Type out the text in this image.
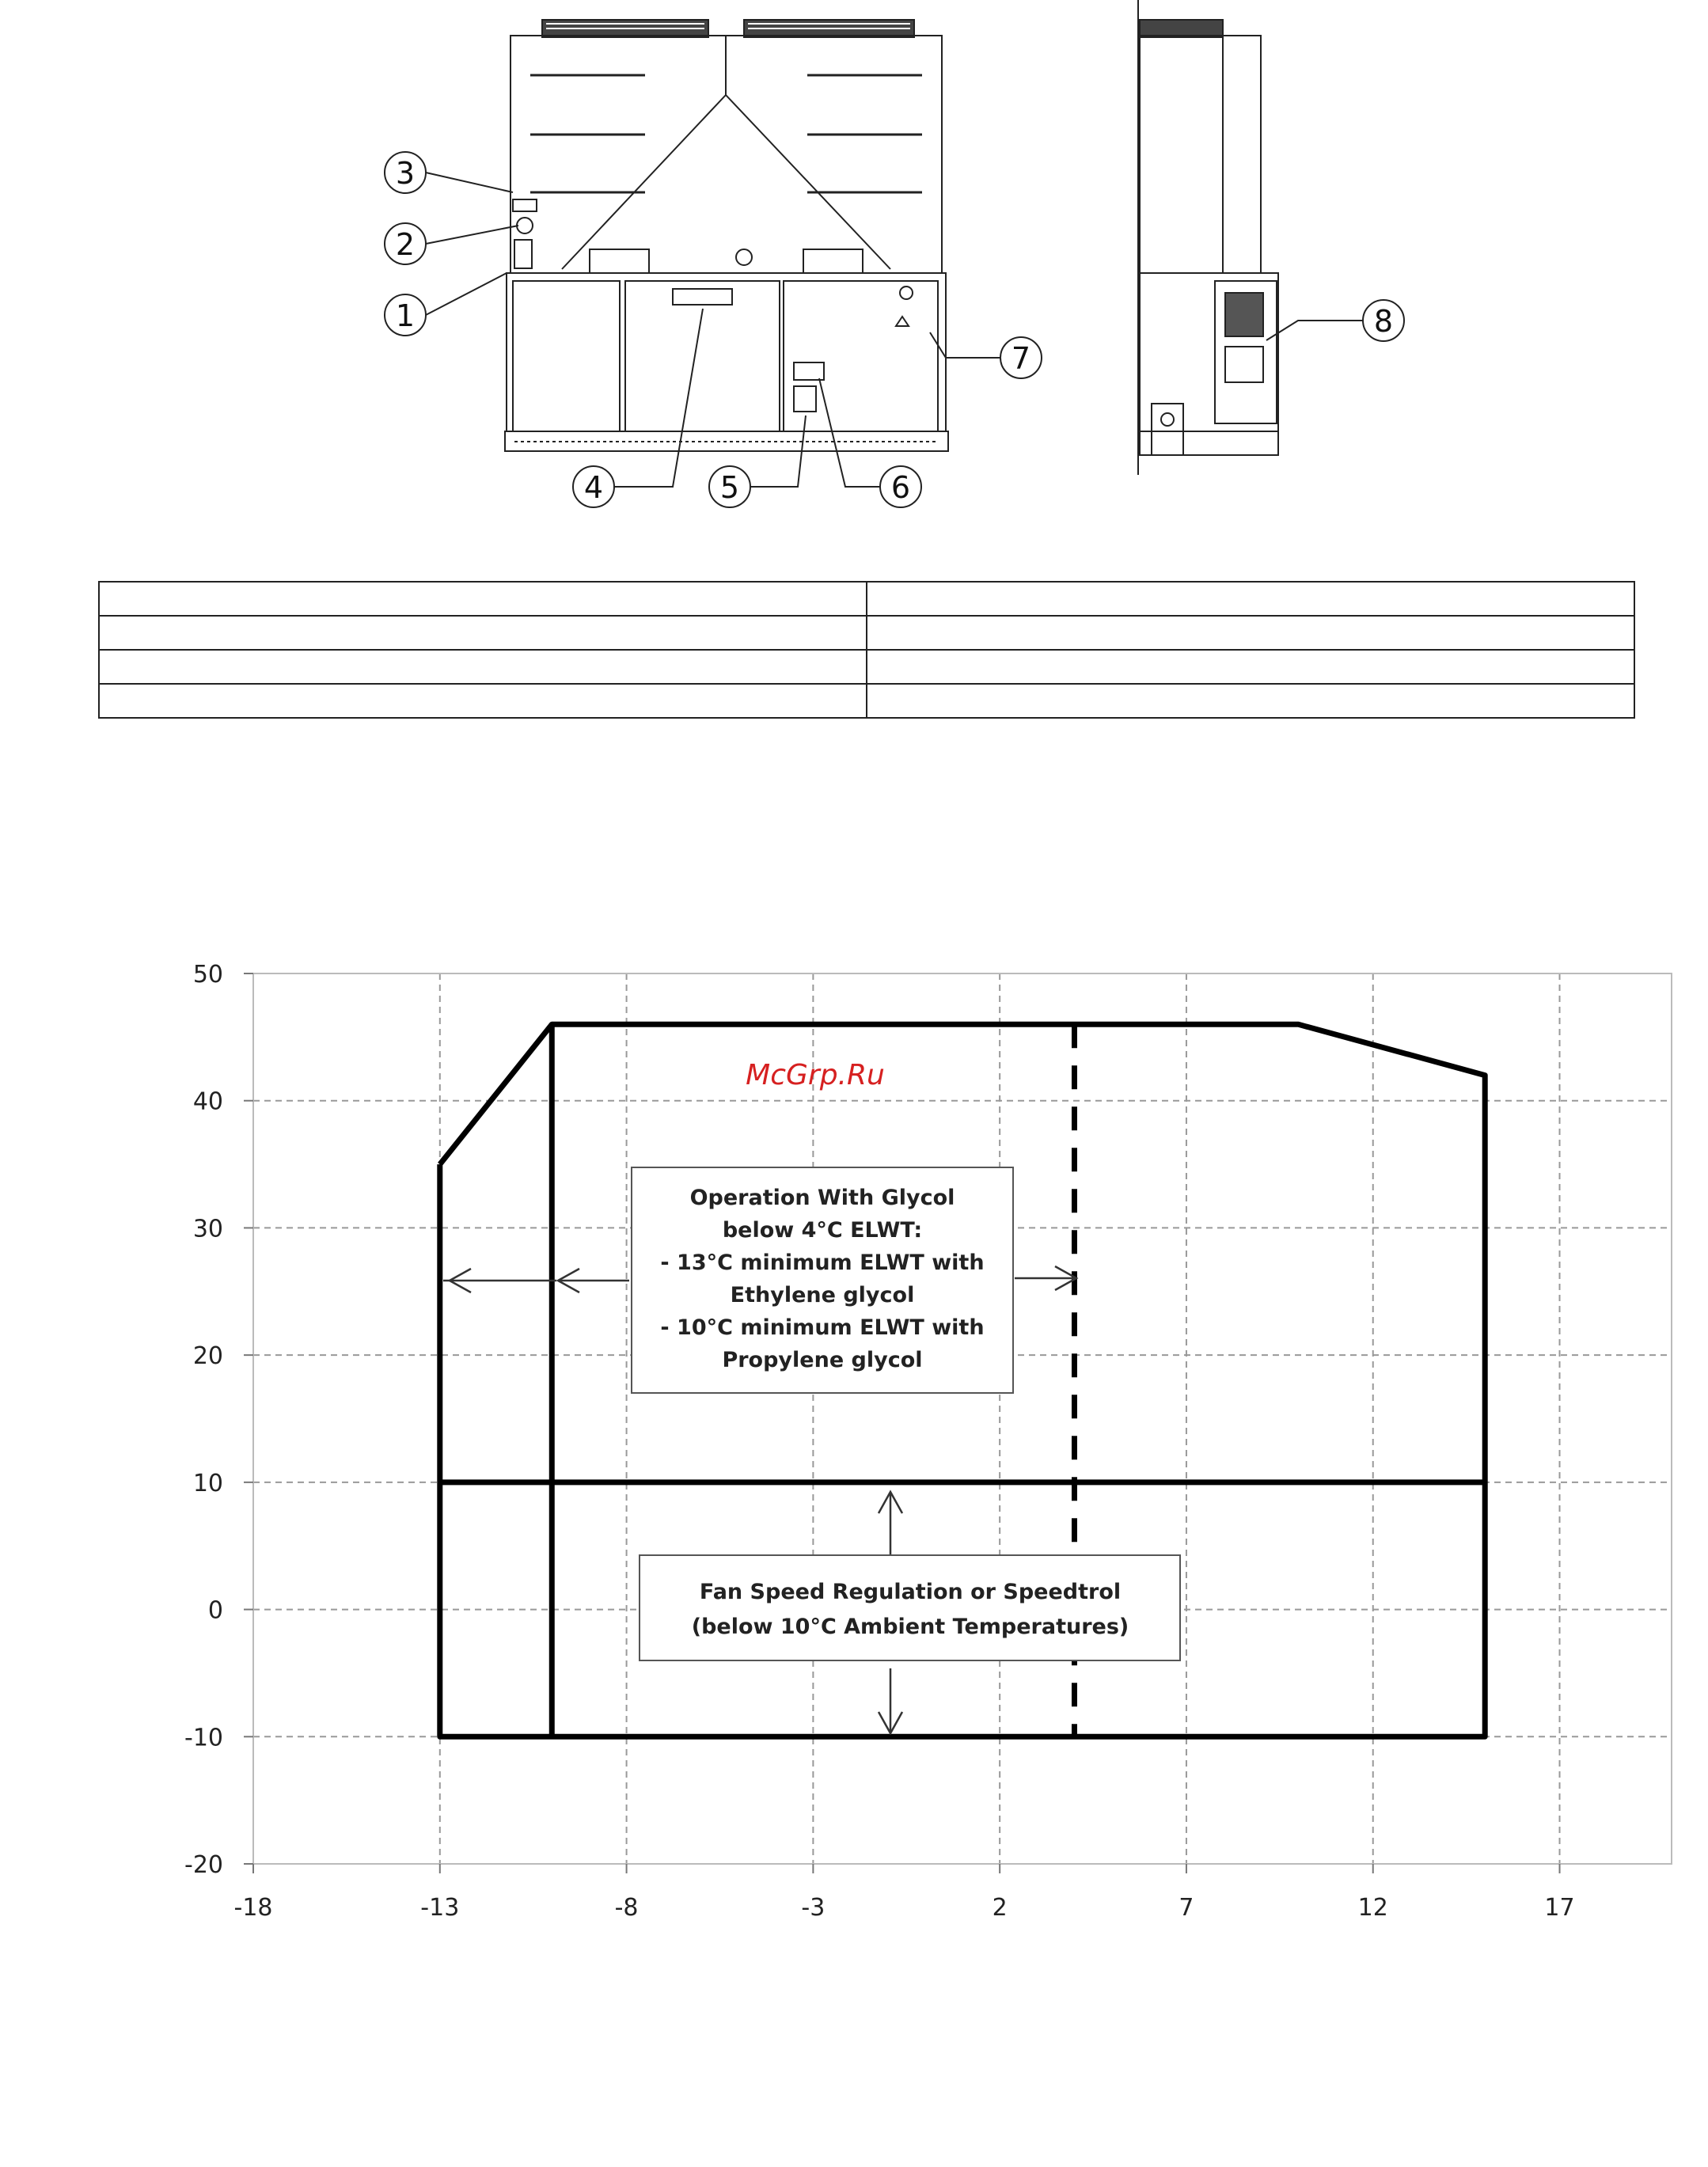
3
2
1
4	5	6
7
8
-20
-10
0
10
20
30
40
50
-18	-13	-8	-3	2	7	12	17
Operation With Glycol
below 4°C ELWT:
- 13°C minimum ELWT with
Ethylene glycol
- 10°C minimum ELWT with
Propylene glycol
Fan Speed Regulation or Speedtrol
(below 10°C Ambient Temperatures)
McGrp.Ru
